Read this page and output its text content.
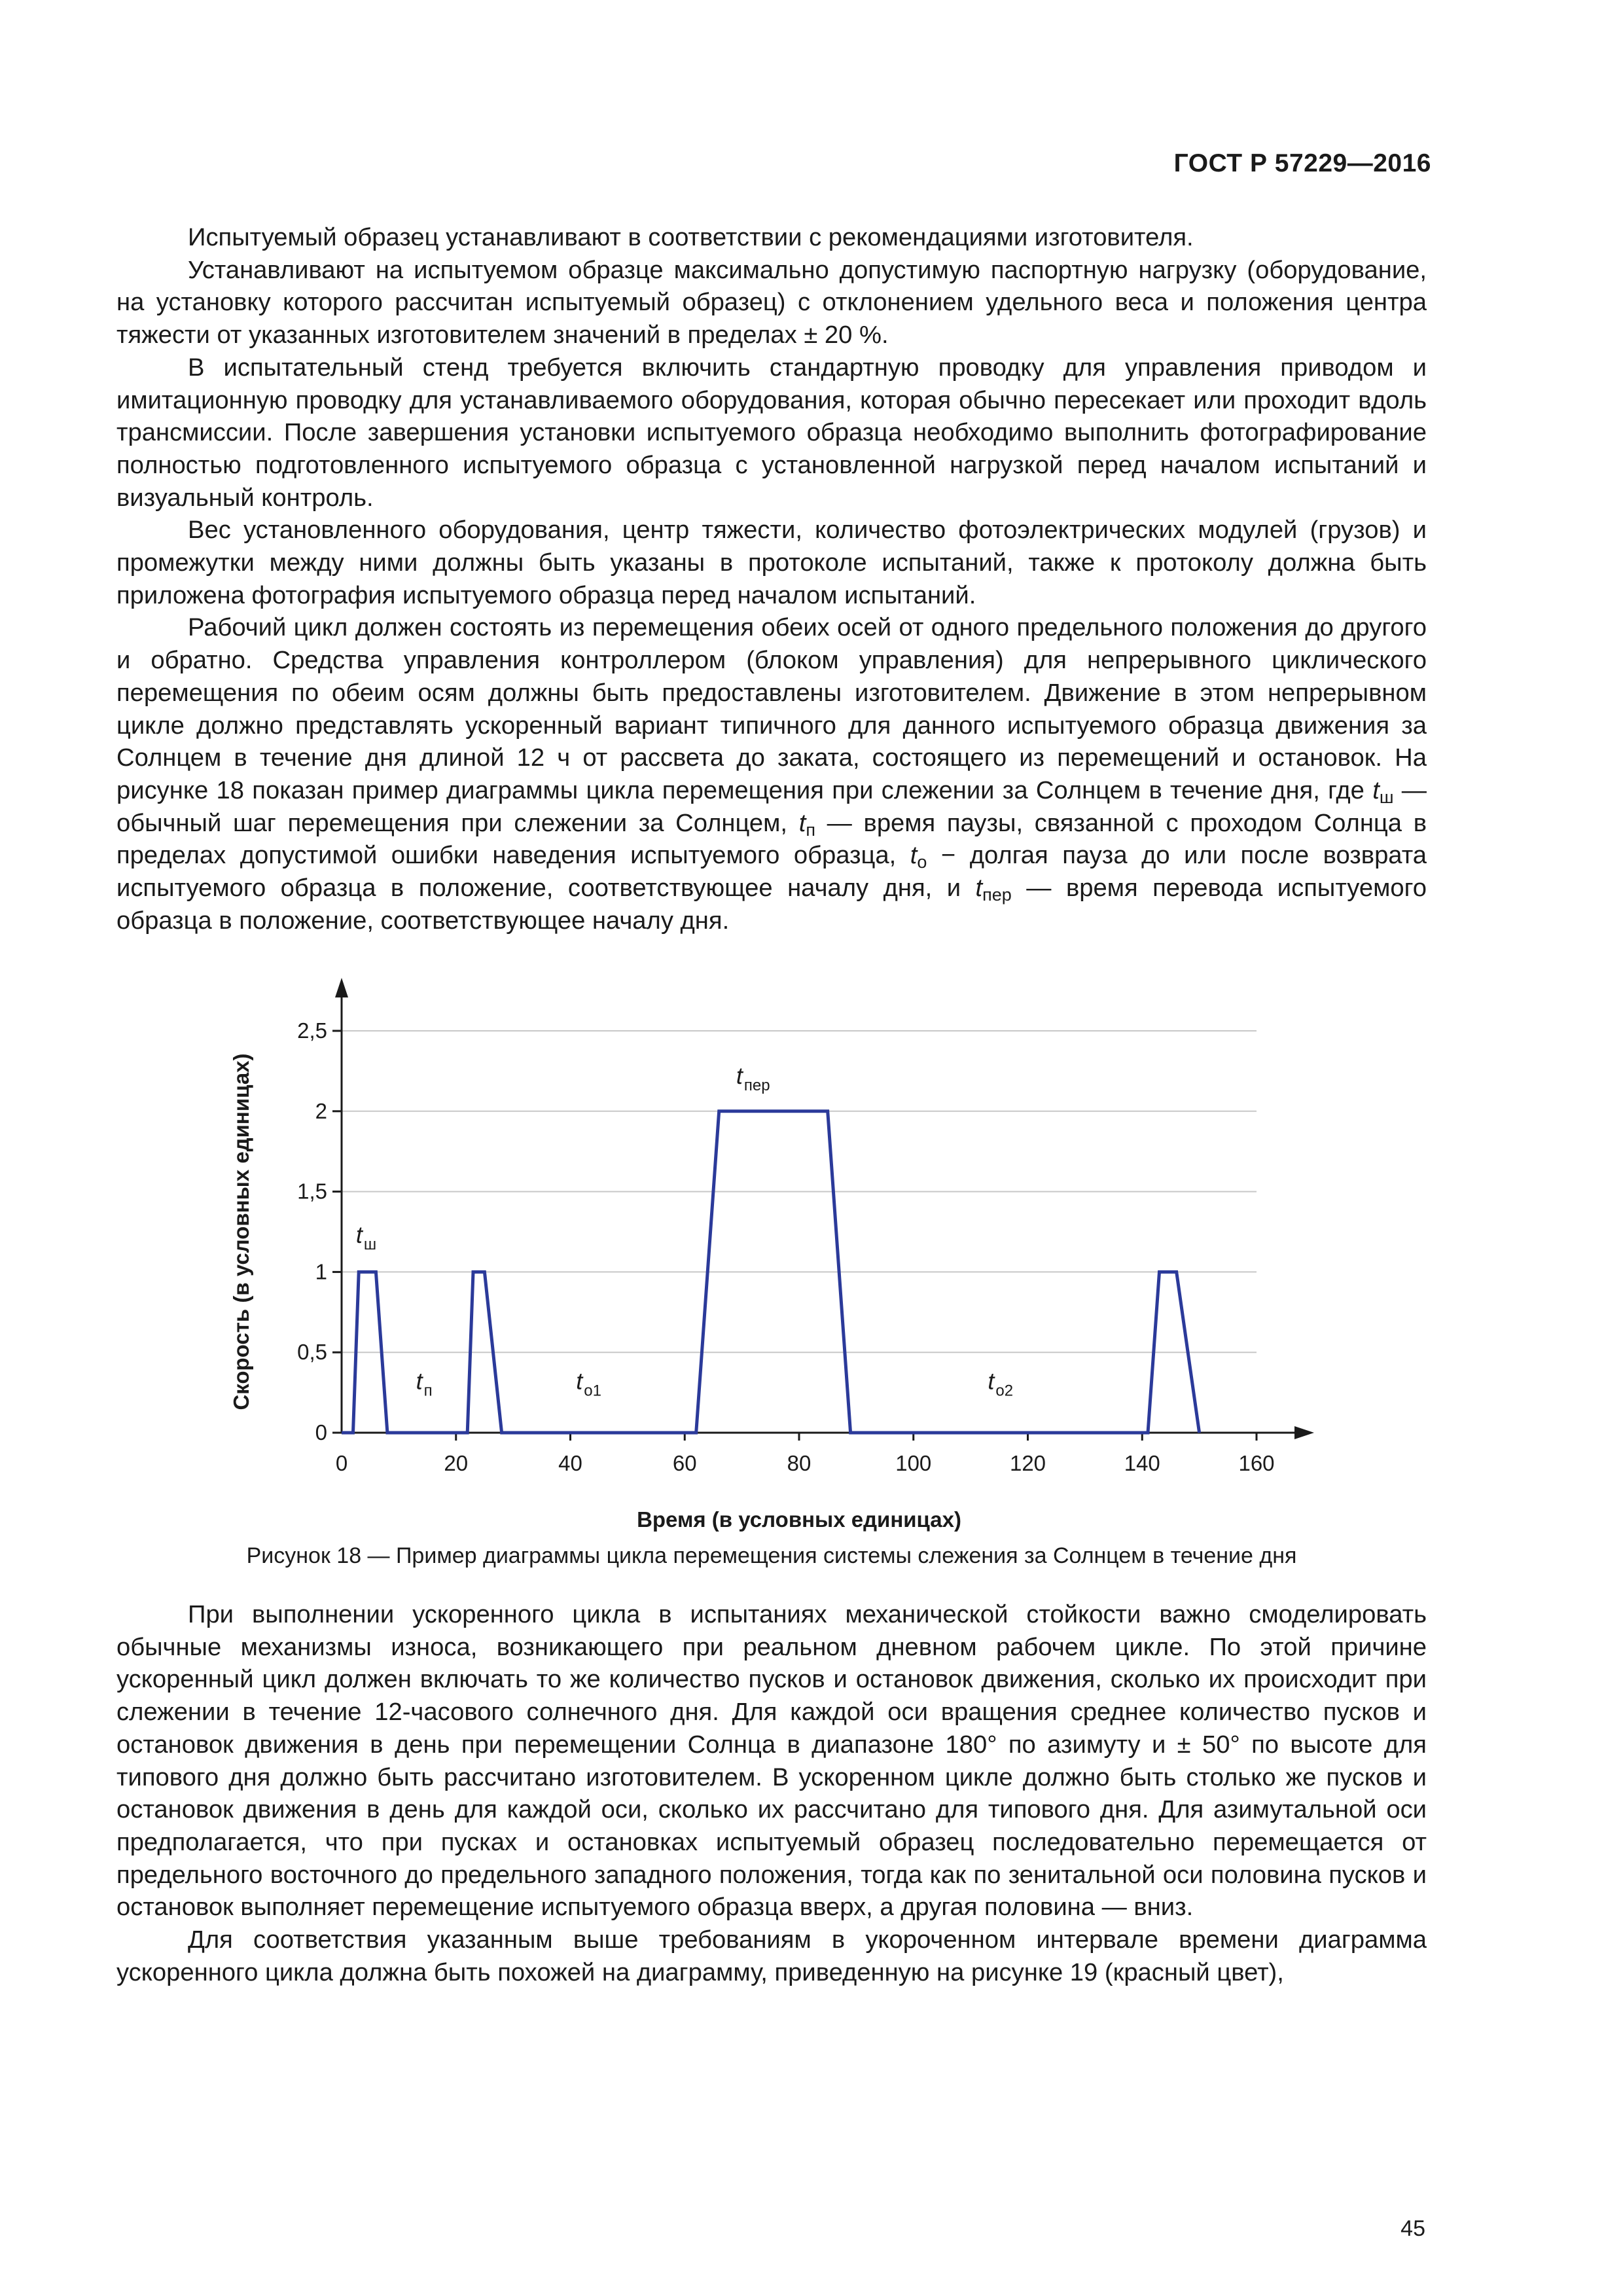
ГОСТ Р 57229—2016

Испытуемый образец устанавливают в соответствии с рекомендациями изготовителя.

Устанавливают на испытуемом образце максимально допустимую паспортную нагрузку (оборудование, на установку которого рассчитан испытуемый образец) с отклонением удельного веса и положения центра тяжести от указанных изготовителем значений в пределах ± 20 %.

В испытательный стенд требуется включить стандартную проводку для управления приводом и имитационную проводку для устанавливаемого оборудования, которая обычно пересекает или проходит вдоль трансмиссии. После завершения установки испытуемого образца необходимо выполнить фотографирование полностью подготовленного испытуемого образца с установленной нагрузкой перед началом испытаний и визуальный контроль.

Вес установленного оборудования, центр тяжести, количество фотоэлектрических модулей (грузов) и промежутки между ними должны быть указаны в протоколе испытаний, также к протоколу должна быть приложена фотография испытуемого образца перед началом испытаний.

Рабочий цикл должен состоять из перемещения обеих осей от одного предельного положения до другого и обратно. Средства управления контроллером (блоком управления) для непрерывного циклического перемещения по обеим осям должны быть предоставлены изготовителем. Движение в этом непрерывном цикле должно представлять ускоренный вариант типичного для данного испытуемого образца движения за Солнцем в течение дня длиной 12 ч от рассвета до заката, состоящего из перемещений и остановок. На рисунке 18 показан пример диаграммы цикла перемещения при слежении за Солнцем в течение дня, где $t_ш$ — обычный шаг перемещения при слежении за Солнцем, $t_п$ — время паузы, связанной с проходом Солнца в пределах допустимой ошибки наведения испытуемого образца, $t_о$ − долгая пауза до или после возврата испытуемого образца в положение, соответствующее началу дня, и $t_{пер}$ — время перевода испытуемого образца в положение, соответствующее началу дня.

0
0,5
1
1,5
2
2,5
0	20	40	60	80	100	120	140	160
Время (в условных единицах)
Скорость (в условных единицах)	$t_ш$
$t_п$	$t_{о1}$
$t_{пер}$
$t_{о2}$
Рисунок 18 — Пример диаграммы цикла перемещения системы слежения за Солнцем в течение дня

При выполнении ускоренного цикла в испытаниях механической стойкости важно смоделировать обычные механизмы износа, возникающего при реальном дневном рабочем цикле. По этой причине ускоренный цикл должен включать то же количество пусков и остановок движения, сколько их происходит при слежении в течение 12-часового солнечного дня. Для каждой оси вращения среднее количество пусков и остановок движения в день при перемещении Солнца в диапазоне 180° по азимуту и ± 50° по высоте для типового дня должно быть рассчитано изготовителем. В ускоренном цикле должно быть столько же пусков и остановок движения в день для каждой оси, сколько их рассчитано для типового дня. Для азимутальной оси предполагается, что при пусках и остановках испытуемый образец последовательно перемещается от предельного восточного до предельного западного положения, тогда как по зенитальной оси половина пусков и остановок выполняет перемещение испытуемого образца вверх, а другая половина — вниз.

Для соответствия указанным выше требованиям в укороченном интервале времени диаграмма ускоренного цикла должна быть похожей на диаграмму, приведенную на рисунке 19 (красный цвет),

45
